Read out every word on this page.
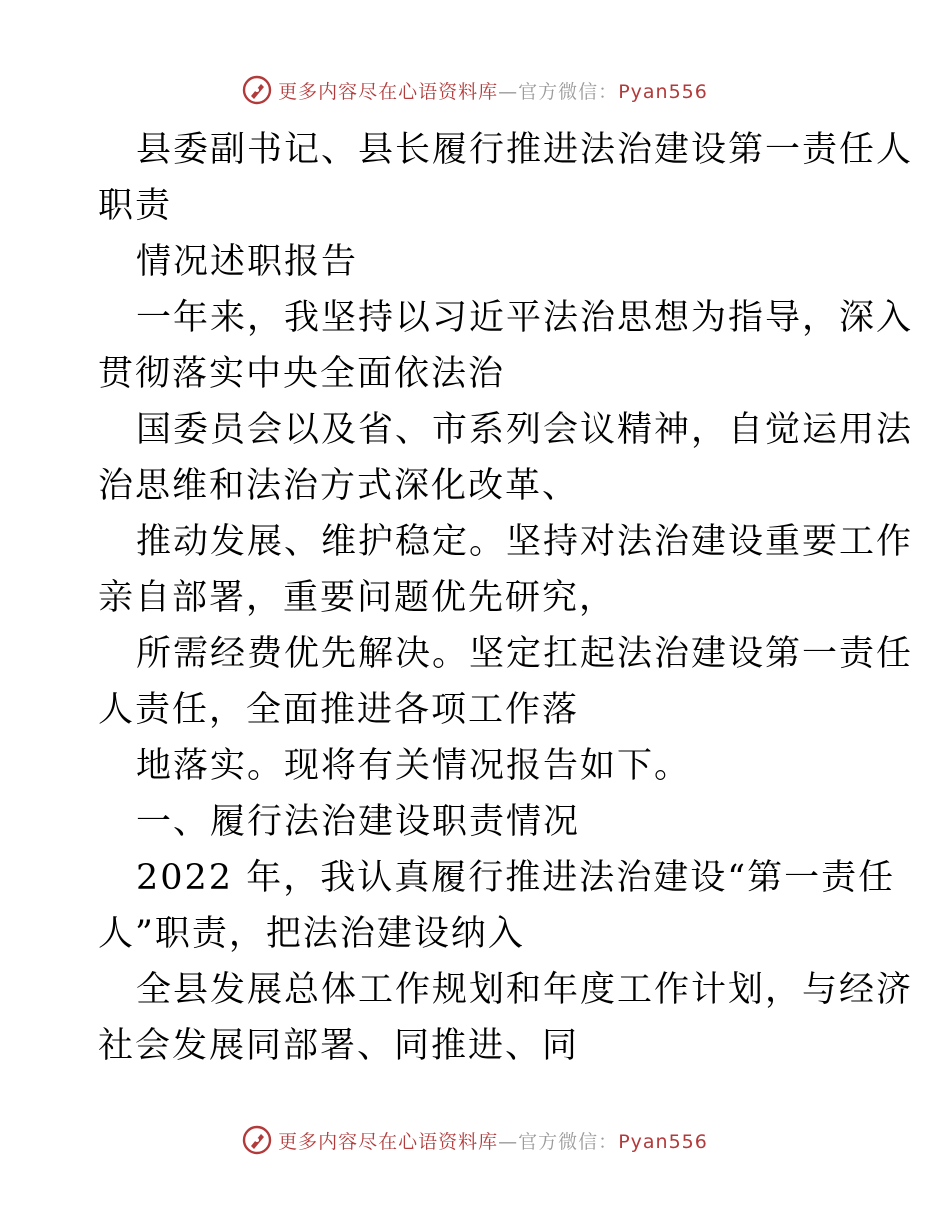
更多内容尽在心语资料库—官方微信：Pyan556
县委副书记、县长履行推进法治建设第一责任人
职责
情况述职报告
一年来，我坚持以习近平法治思想为指导，深入
贯彻落实中央全面依法治
国委员会以及省、市系列会议精神，自觉运用法
治思维和法治方式深化改革、
推动发展、维护稳定。坚持对法治建设重要工作
亲自部署，重要问题优先研究，
所需经费优先解决。坚定扛起法治建设第一责任
人责任，全面推进各项工作落
地落实。现将有关情况报告如下。
一、履行法治建设职责情况
2022 年，我认真履行推进法治建设“第一责任
人”职责，把法治建设纳入
全县发展总体工作规划和年度工作计划，与经济
社会发展同部署、同推进、同
更多内容尽在心语资料库—官方微信：Pyan556
